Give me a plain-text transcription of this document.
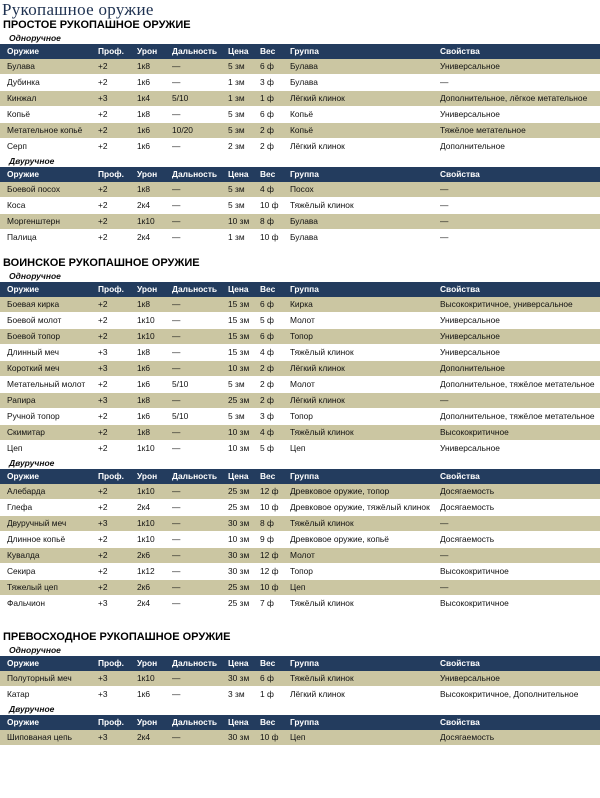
Рукопашное оружие
ПРОСТОЕ РУКОПАШНОЕ ОРУЖИЕ
Одноручное
Оружие	Проф.	Урон	Дальность	Цена	Вес	Группа	Свойства
Булава	+2	1к8	—	5 зм	6 ф	Булава	Универсальное
Дубинка	+2	1к6	—	1 зм	3 ф	Булава	—
Кинжал	+3	1к4	5/10	1 зм	1 ф	Лёгкий клинок	Дополнительное, лёгкое метательное
Копьё	+2	1к8	—	5 зм	6 ф	Копьё	Универсальное
Метательное копьё	+2	1к6	10/20	5 зм	2 ф	Копьё	Тяжёлое метательное
Серп	+2	1к6	—	2 зм	2 ф	Лёгкий клинок	Дополнительное
Двуручное
Оружие	Проф.	Урон	Дальность	Цена	Вес	Группа	Свойства
Боевой посох	+2	1к8	—	5 зм	4 ф	Посох	—
Коса	+2	2к4	—	5 зм	10 ф	Тяжёлый клинок	—
Моргенштерн	+2	1к10	—	10 зм	8 ф	Булава	—
Палица	+2	2к4	—	1 зм	10 ф	Булава	—
ВОИНСКОЕ РУКОПАШНОЕ ОРУЖИЕ
Одноручное
Оружие	Проф.	Урон	Дальность	Цена	Вес	Группа	Свойства
Боевая кирка	+2	1к8	—	15 зм	6 ф	Кирка	Высококритичное, универсальное
Боевой молот	+2	1к10	—	15 зм	5 ф	Молот	Универсальное
Боевой топор	+2	1к10	—	15 зм	6 ф	Топор	Универсальное
Длинный меч	+3	1к8	—	15 зм	4 ф	Тяжёлый клинок	Универсальное
Короткий меч	+3	1к6	—	10 зм	2 ф	Лёгкий клинок	Дополнительное
Метательный молот	+2	1к6	5/10	5 зм	2 ф	Молот	Дополнительное, тяжёлое метательное
Рапира	+3	1к8	—	25 зм	2 ф	Лёгкий клинок	—
Ручной топор	+2	1к6	5/10	5 зм	3 ф	Топор	Дополнительное, тяжёлое метательное
Скимитар	+2	1к8	—	10 зм	4 ф	Тяжёлый клинок	Высококритичное
Цеп	+2	1к10	—	10 зм	5 ф	Цеп	Универсальное
Двуручное
Оружие	Проф.	Урон	Дальность	Цена	Вес	Группа	Свойства
Алебарда	+2	1к10	—	25 зм	12 ф	Древковое оружие, топор	Досягаемость
Глефа	+2	2к4	—	25 зм	10 ф	Древковое оружие, тяжёлый клинок	Досягаемость
Двуручный меч	+3	1к10	—	30 зм	8 ф	Тяжёлый клинок	—
Длинное копьё	+2	1к10	—	10 зм	9 ф	Древковое оружие, копьё	Досягаемость
Кувалда	+2	2к6	—	30 зм	12 ф	Молот	—
Секира	+2	1к12	—	30 зм	12 ф	Топор	Высококритичное
Тяжелый цеп	+2	2к6	—	25 зм	10 ф	Цеп	—
Фальчион	+3	2к4	—	25 зм	7 ф	Тяжёлый клинок	Высококритичное
ПРЕВОСХОДНОЕ РУКОПАШНОЕ ОРУЖИЕ
Одноручное
Оружие	Проф.	Урон	Дальность	Цена	Вес	Группа	Свойства
Полуторный меч	+3	1к10	—	30 зм	6 ф	Тяжёлый клинок	Универсальное
Катар	+3	1к6	—	3 зм	1 ф	Лёгкий клинок	Высококритичное, Дополнительное
Двуручное
Оружие	Проф.	Урон	Дальность	Цена	Вес	Группа	Свойства
Шипованая цепь	+3	2к4	—	30 зм	10 ф	Цеп	Досягаемость
